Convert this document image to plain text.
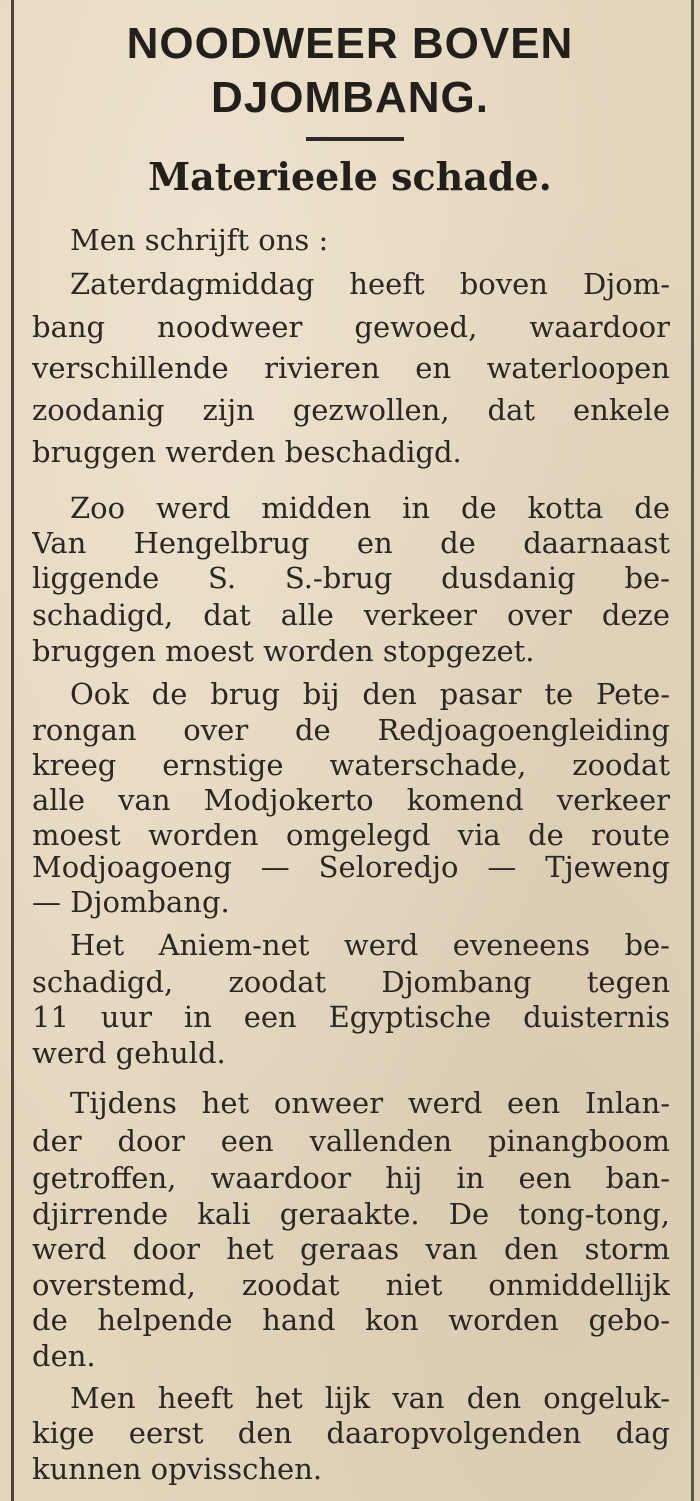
NOODWEER BOVEN
DJOMBANG.
Materieele schade.
Men schrijft ons :
Zaterdagmiddag heeft boven Djom-
bang noodweer gewoed, waardoor
verschillende rivieren en waterloopen
zoodanig zijn gezwollen, dat enkele
bruggen werden beschadigd.
Zoo werd midden in de kotta de
Van Hengelbrug en de daarnaast
liggende S. S.-brug dusdanig be-
schadigd, dat alle verkeer over deze
bruggen moest worden stopgezet.
Ook de brug bij den pasar te Pete-
rongan over de Redjoagoengleiding
kreeg ernstige waterschade, zoodat
alle van Modjokerto komend verkeer
moest worden omgelegd via de route
Modjoagoeng — Seloredjo — Tjeweng
— Djombang.
Het Aniem-net werd eveneens be-
schadigd, zoodat Djombang tegen
11 uur in een Egyptische duisternis
werd gehuld.
Tijdens het onweer werd een Inlan-
der door een vallenden pinangboom
getroffen, waardoor hij in een ban-
djirrende kali geraakte. De tong-tong,
werd door het geraas van den storm
overstemd, zoodat niet onmiddellijk
de helpende hand kon worden gebo-
den.
Men heeft het lijk van den ongeluk-
kige eerst den daaropvolgenden dag
kunnen opvisschen.
